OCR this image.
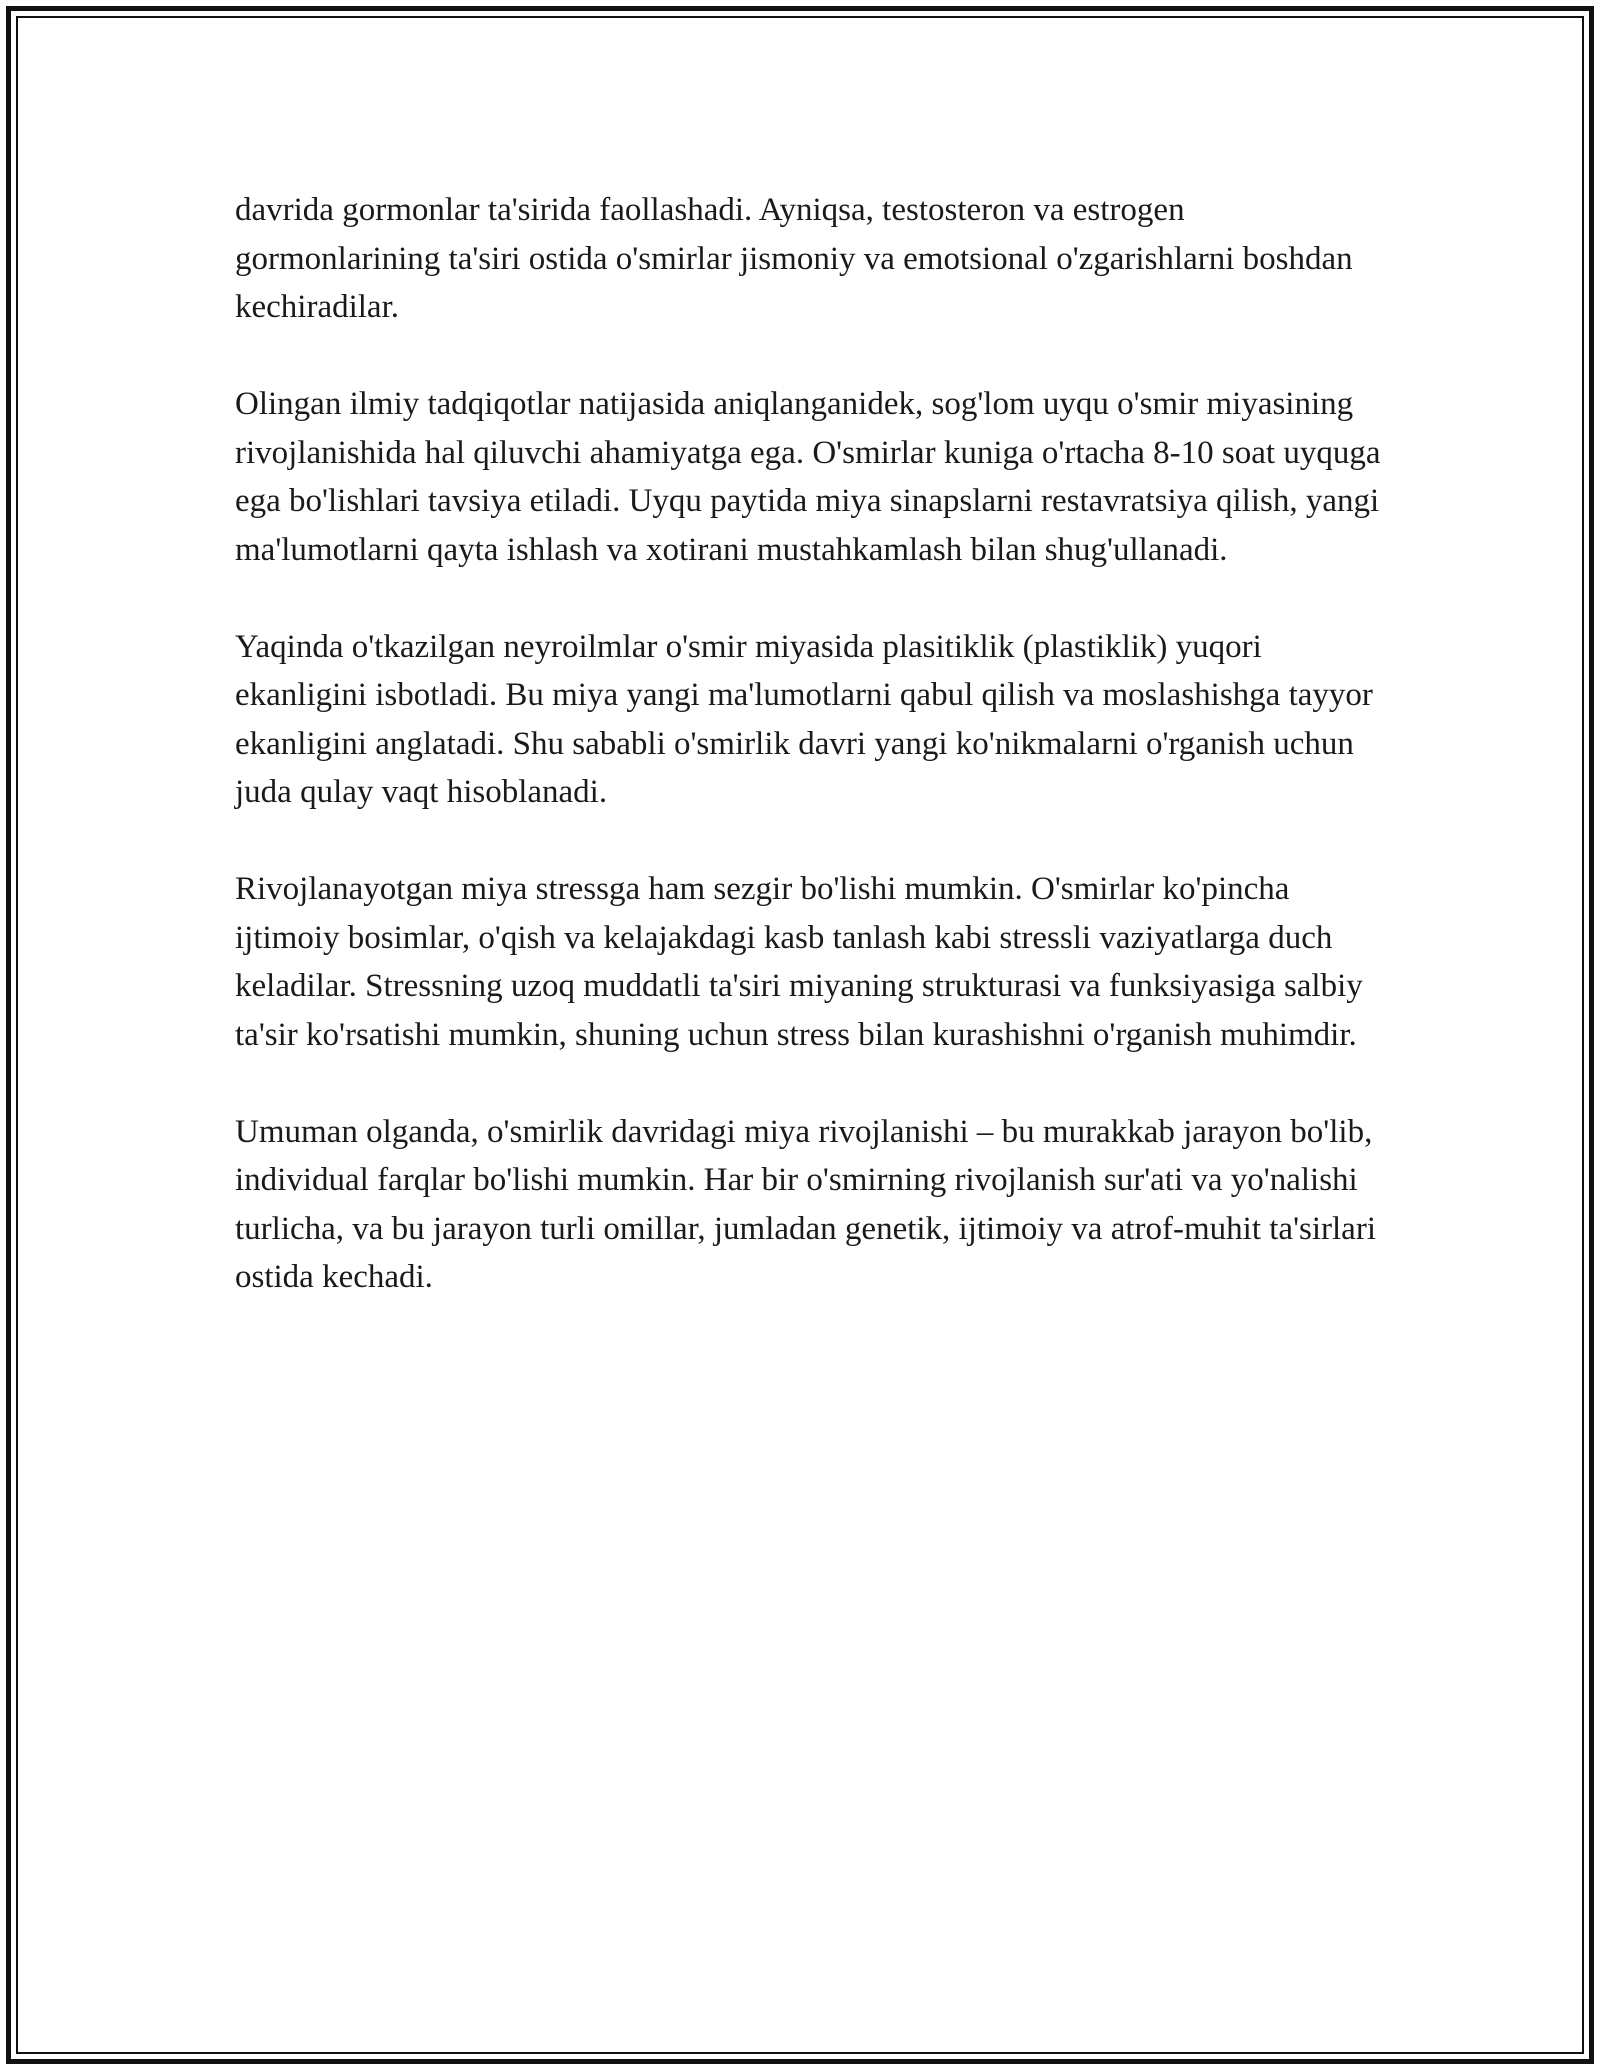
davrida gormonlar ta'sirida faollashadi. Ayniqsa, testosteron va estrogen gormonlarining ta'siri ostida o'smirlar jismoniy va emotsional o'zgarishlarni boshdan kechiradilar.

Olingan ilmiy tadqiqotlar natijasida aniqlanganidek, sog'lom uyqu o'smir miyasining rivojlanishida hal qiluvchi ahamiyatga ega. O'smirlar kuniga o'rtacha 8-10 soat uyquga ega bo'lishlari tavsiya etiladi. Uyqu paytida miya sinapslarni restavratsiya qilish, yangi ma'lumotlarni qayta ishlash va xotirani mustahkamlash bilan shug'ullanadi.

Yaqinda o'tkazilgan neyroilmlar o'smir miyasida plasitiklik (plastiklik) yuqori ekanligini isbotladi. Bu miya yangi ma'lumotlarni qabul qilish va moslashishga tayyor ekanligini anglatadi. Shu sababli o'smirlik davri yangi ko'nikmalarni o'rganish uchun juda qulay vaqt hisoblanadi.

Rivojlanayotgan miya stressga ham sezgir bo'lishi mumkin. O'smirlar ko'pincha ijtimoiy bosimlar, o'qish va kelajakdagi kasb tanlash kabi stressli vaziyatlarga duch keladilar. Stressning uzoq muddatli ta'siri miyaning strukturasi va funksiyasiga salbiy ta'sir ko'rsatishi mumkin, shuning uchun stress bilan kurashishni o'rganish muhimdir.

Umuman olganda, o'smirlik davridagi miya rivojlanishi – bu murakkab jarayon bo'lib, individual farqlar bo'lishi mumkin. Har bir o'smirning rivojlanish sur'ati va yo'nalishi turlicha, va bu jarayon turli omillar, jumladan genetik, ijtimoiy va atrof-muhit ta'sirlari ostida kechadi.
